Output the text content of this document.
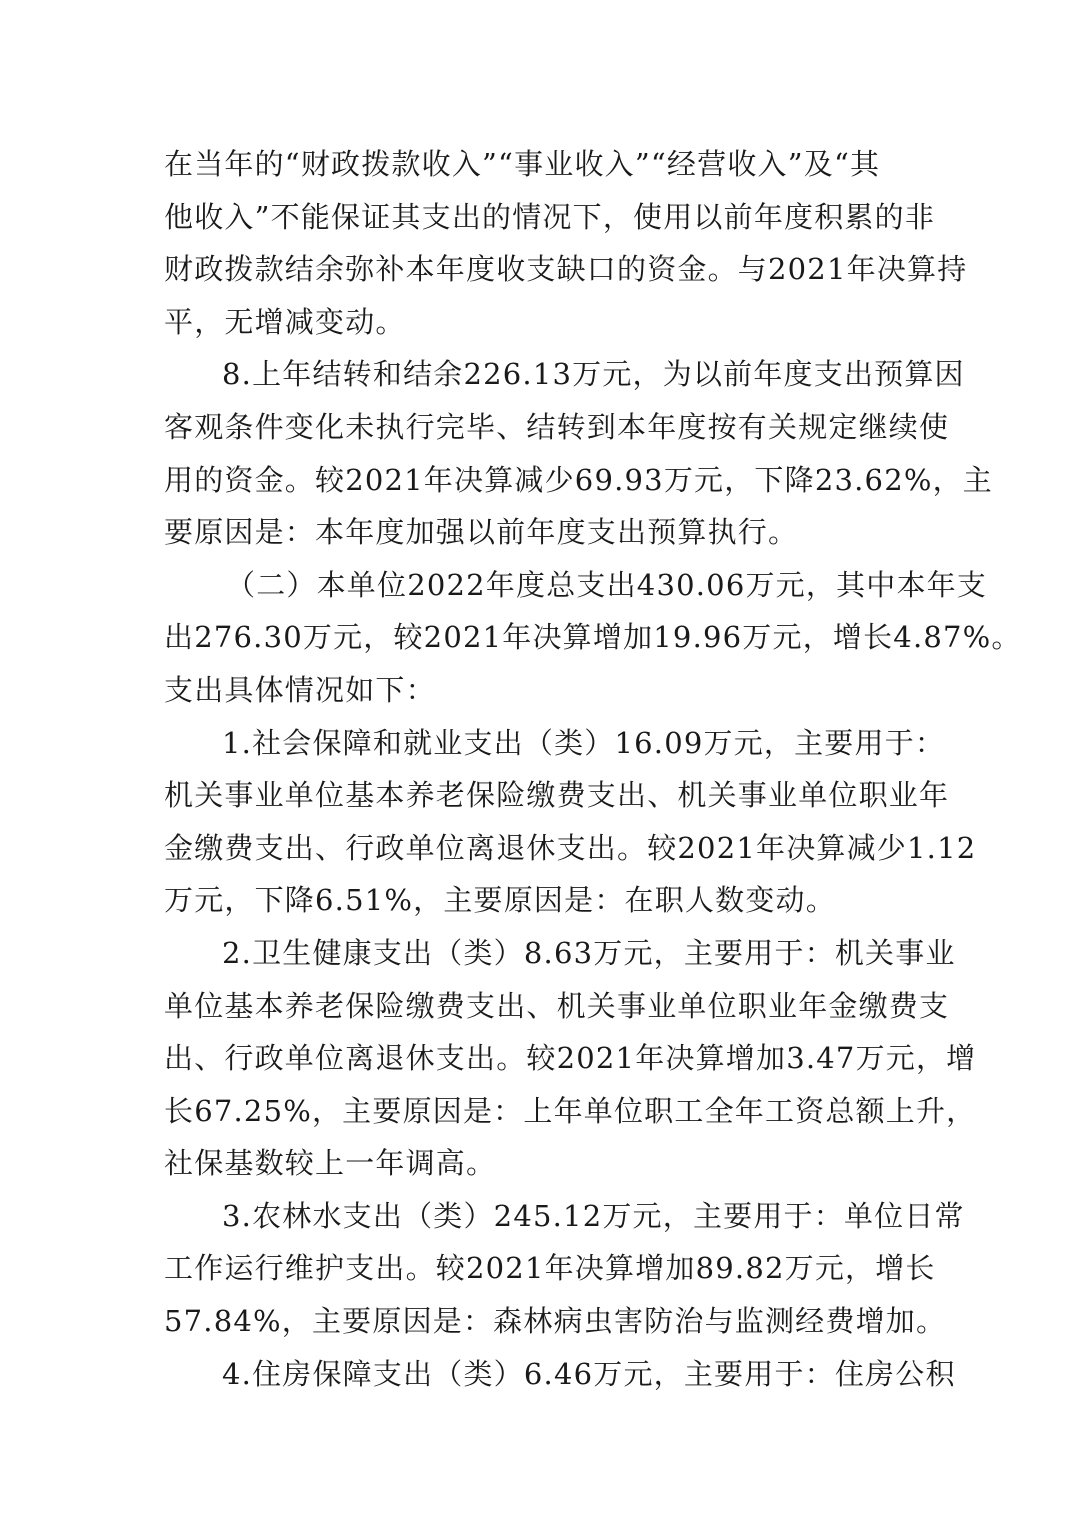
在当年的“财政拨款收入”“事业收入”“经营收入”及“其
他收入”不能保证其支出的情况下，使用以前年度积累的非
财政拨款结余弥补本年度收支缺口的资金。与2021年决算持
平，无增减变动。
8.上年结转和结余226.13万元，为以前年度支出预算因
客观条件变化未执行完毕、结转到本年度按有关规定继续使
用的资金。较2021年决算减少69.93万元，下降23.62%，主
要原因是：本年度加强以前年度支出预算执行。
（二）本单位2022年度总支出430.06万元，其中本年支
出276.30万元，较2021年决算增加19.96万元，增长4.87%。
支出具体情况如下：
1.社会保障和就业支出（类）16.09万元，主要用于：
机关事业单位基本养老保险缴费支出、机关事业单位职业年
金缴费支出、行政单位离退休支出。较2021年决算减少1.12
万元，下降6.51%，主要原因是：在职人数变动。
2.卫生健康支出（类）8.63万元，主要用于：机关事业
单位基本养老保险缴费支出、机关事业单位职业年金缴费支
出、行政单位离退休支出。较2021年决算增加3.47万元，增
长67.25%，主要原因是：上年单位职工全年工资总额上升，
社保基数较上一年调高。
3.农林水支出（类）245.12万元，主要用于：单位日常
工作运行维护支出。较2021年决算增加89.82万元，增长
57.84%，主要原因是：森林病虫害防治与监测经费增加。
4.住房保障支出（类）6.46万元，主要用于：住房公积
